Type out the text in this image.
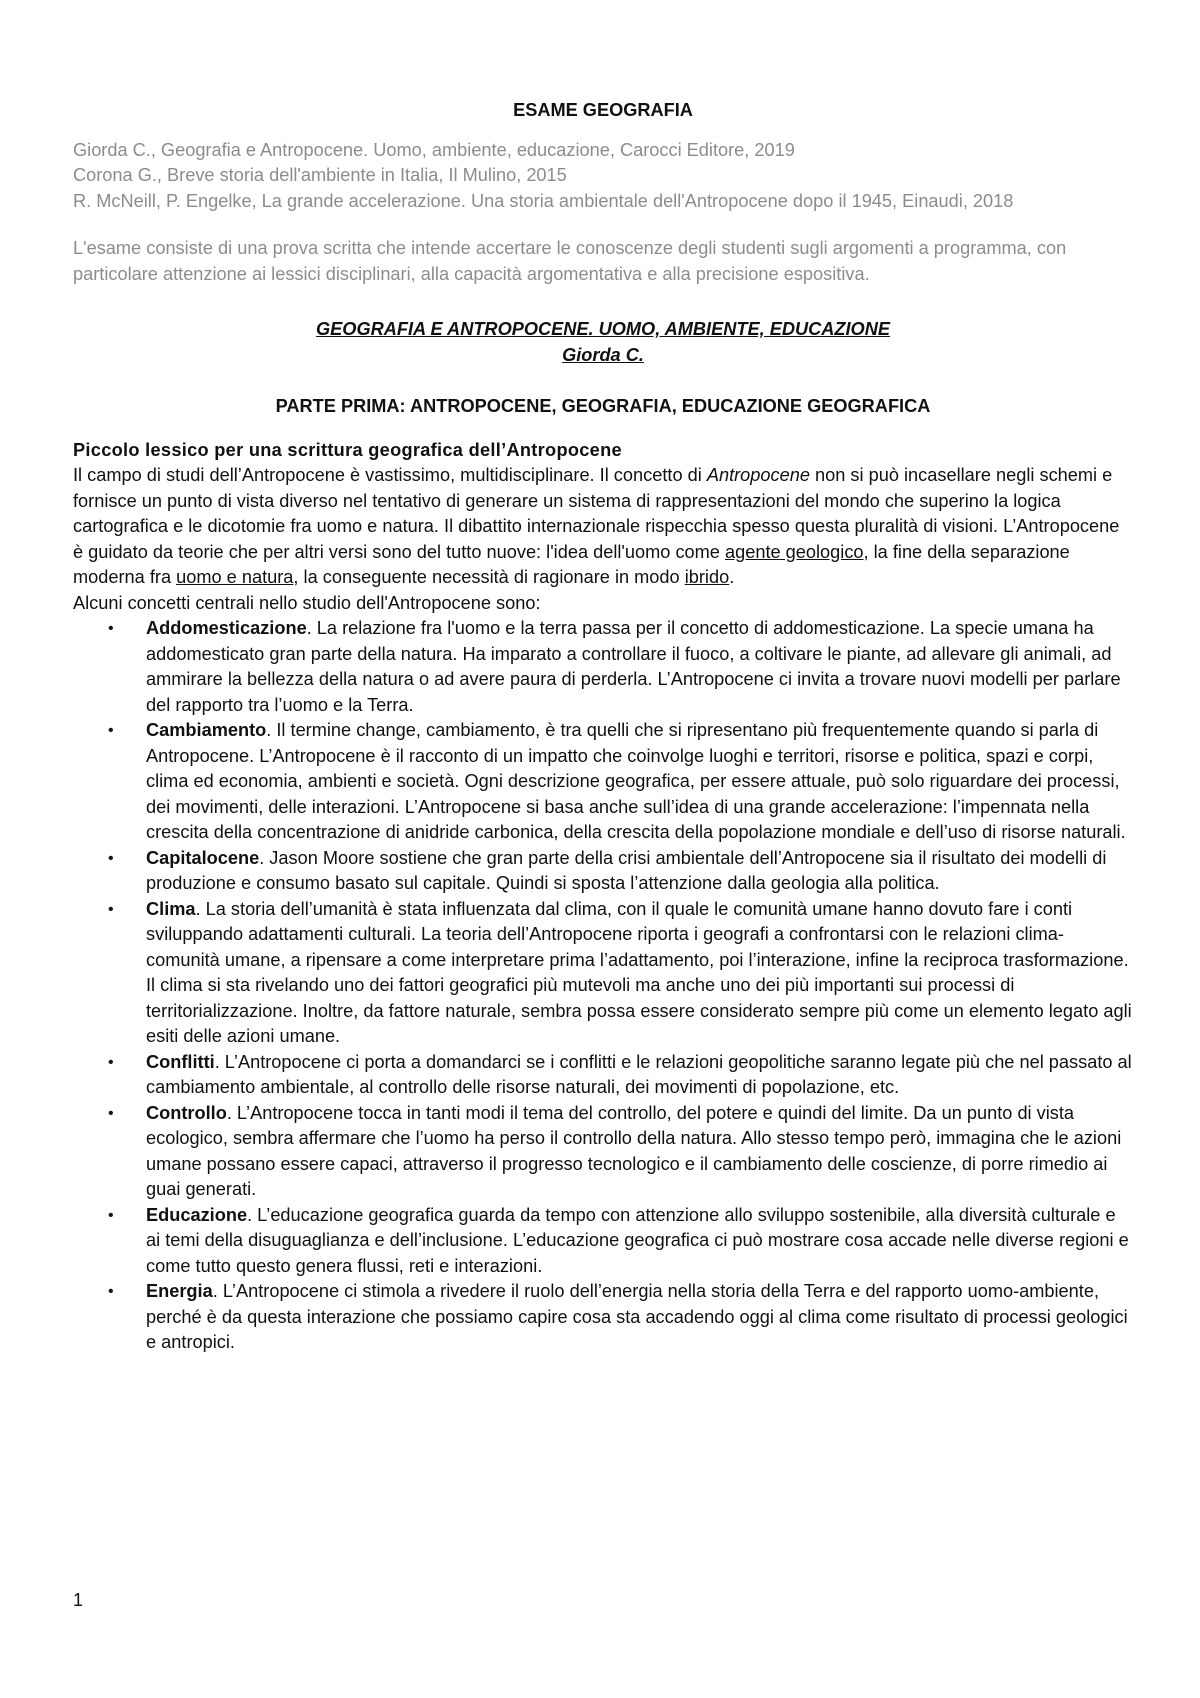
ESAME GEOGRAFIA
Giorda C., Geografia e Antropocene. Uomo, ambiente, educazione, Carocci Editore, 2019
Corona G., Breve storia dell'ambiente in Italia, Il Mulino, 2015
R. McNeill, P. Engelke, La grande accelerazione. Una storia ambientale dell'Antropocene dopo il 1945, Einaudi, 2018
L'esame consiste di una prova scritta che intende accertare le conoscenze degli studenti sugli argomenti a programma, con particolare attenzione ai lessici disciplinari, alla capacità argomentativa e alla precisione espositiva.
GEOGRAFIA E ANTROPOCENE. UOMO, AMBIENTE, EDUCAZIONE
Giorda C.
PARTE PRIMA: ANTROPOCENE, GEOGRAFIA, EDUCAZIONE GEOGRAFICA
Piccolo lessico per una scrittura geografica dell’Antropocene
Il campo di studi dell’Antropocene è vastissimo, multidisciplinare. Il concetto di Antropocene non si può incasellare negli schemi e fornisce un punto di vista diverso nel tentativo di generare un sistema di rappresentazioni del mondo che superino la logica cartografica e le dicotomie fra uomo e natura. Il dibattito internazionale rispecchia spesso questa pluralità di visioni. L’Antropocene è guidato da teorie che per altri versi sono del tutto nuove: l'idea dell'uomo come agente geologico, la fine della separazione moderna fra uomo e natura, la conseguente necessità di ragionare in modo ibrido.
Alcuni concetti centrali nello studio dell'Antropocene sono:
• Addomesticazione. La relazione fra l'uomo e la terra passa per il concetto di addomesticazione. La specie umana ha addomesticato gran parte della natura. Ha imparato a controllare il fuoco, a coltivare le piante, ad allevare gli animali, ad ammirare la bellezza della natura o ad avere paura di perderla. L’Antropocene ci invita a trovare nuovi modelli per parlare del rapporto tra l’uomo e la Terra.
• Cambiamento. Il termine change, cambiamento, è tra quelli che si ripresentano più frequentemente quando si parla di Antropocene. L’Antropocene è il racconto di un impatto che coinvolge luoghi e territori, risorse e politica, spazi e corpi, clima ed economia, ambienti e società. Ogni descrizione geografica, per essere attuale, può solo riguardare dei processi, dei movimenti, delle interazioni. L’Antropocene si basa anche sull’idea di una grande accelerazione: l’impennata nella crescita della concentrazione di anidride carbonica, della crescita della popolazione mondiale e dell’uso di risorse naturali.
• Capitalocene. Jason Moore sostiene che gran parte della crisi ambientale dell’Antropocene sia il risultato dei modelli di produzione e consumo basato sul capitale. Quindi si sposta l’attenzione dalla geologia alla politica.
• Clima. La storia dell’umanità è stata influenzata dal clima, con il quale le comunità umane hanno dovuto fare i conti sviluppando adattamenti culturali. La teoria dell’Antropocene riporta i geografi a confrontarsi con le relazioni clima-comunità umane, a ripensare a come interpretare prima l’adattamento, poi l’interazione, infine la reciproca trasformazione. Il clima si sta rivelando uno dei fattori geografici più mutevoli ma anche uno dei più importanti sui processi di territorializzazione. Inoltre, da fattore naturale, sembra possa essere considerato sempre più come un elemento legato agli esiti delle azioni umane.
• Conflitti. L’Antropocene ci porta a domandarci se i conflitti e le relazioni geopolitiche saranno legate più che nel passato al cambiamento ambientale, al controllo delle risorse naturali, dei movimenti di popolazione, etc.
• Controllo. L’Antropocene tocca in tanti modi il tema del controllo, del potere e quindi del limite. Da un punto di vista ecologico, sembra affermare che l’uomo ha perso il controllo della natura. Allo stesso tempo però, immagina che le azioni umane possano essere capaci, attraverso il progresso tecnologico e il cambiamento delle coscienze, di porre rimedio ai guai generati.
• Educazione. L’educazione geografica guarda da tempo con attenzione allo sviluppo sostenibile, alla diversità culturale e ai temi della disuguaglianza e dell’inclusione. L’educazione geografica ci può mostrare cosa accade nelle diverse regioni e come tutto questo genera flussi, reti e interazioni.
• Energia. L’Antropocene ci stimola a rivedere il ruolo dell’energia nella storia della Terra e del rapporto uomo-ambiente, perché è da questa interazione che possiamo capire cosa sta accadendo oggi al clima come risultato di processi geologici e antropici.
1
